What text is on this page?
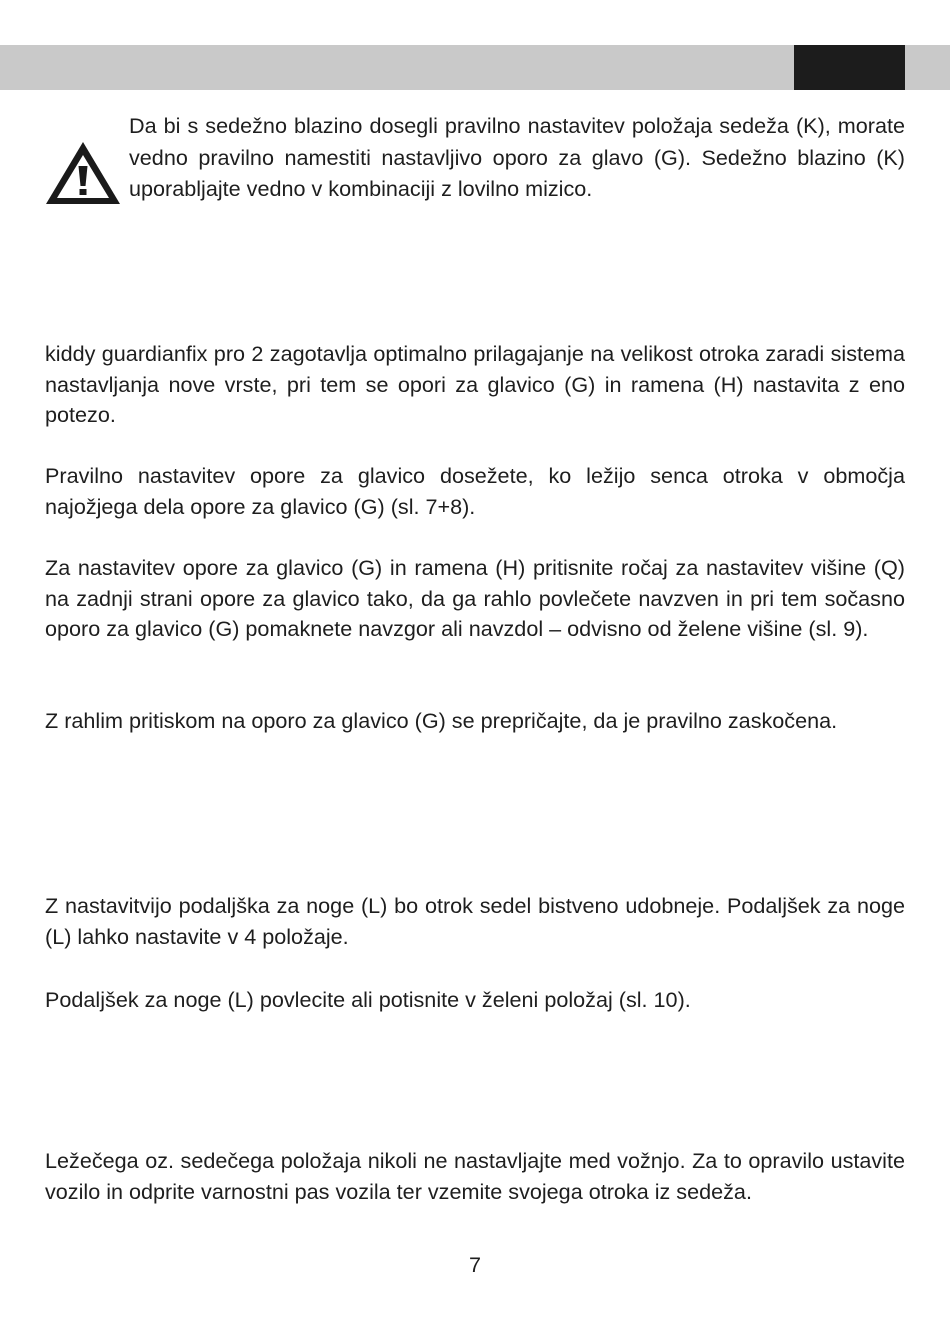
Da bi s sedežno blazino dosegli pravilno nastavitev položaja sedeža (K), morate vedno pravilno namestiti nastavljivo oporo za glavo (G). Sedežno blazino (K) uporabljajte vedno v kombinaciji z lovilno mizico.

kiddy guardianfix pro 2 zagotavlja optimalno prilagajanje na velikost otroka zaradi sistema nastavljanja nove vrste, pri tem se opori za glavico (G) in ramena (H) nastavita z eno potezo.

Pravilno nastavitev opore za glavico dosežete, ko ležijo senca otroka v območja najožjega dela opore za glavico (G) (sl. 7+8).

Za nastavitev opore za glavico (G) in ramena (H) pritisnite ročaj za nastavitev višine (Q) na zadnji strani opore za glavico tako, da ga rahlo povlečete navzven in pri tem sočasno oporo za glavico (G) pomaknete navzgor ali navzdol – odvisno od želene višine (sl. 9).

Z rahlim pritiskom na oporo za glavico (G) se prepričajte, da je pravilno zaskočena.

Z nastavitvijo podaljška za noge (L) bo otrok sedel bistveno udobneje. Podaljšek za noge (L) lahko nastavite v 4 položaje.

Podaljšek za noge (L) povlecite ali potisnite v želeni položaj (sl. 10).

Ležečega oz. sedečega položaja nikoli ne nastavljajte med vožnjo. Za to opravilo ustavite vozilo in odprite varnostni pas vozila ter vzemite svojega otroka iz sedeža.

7
